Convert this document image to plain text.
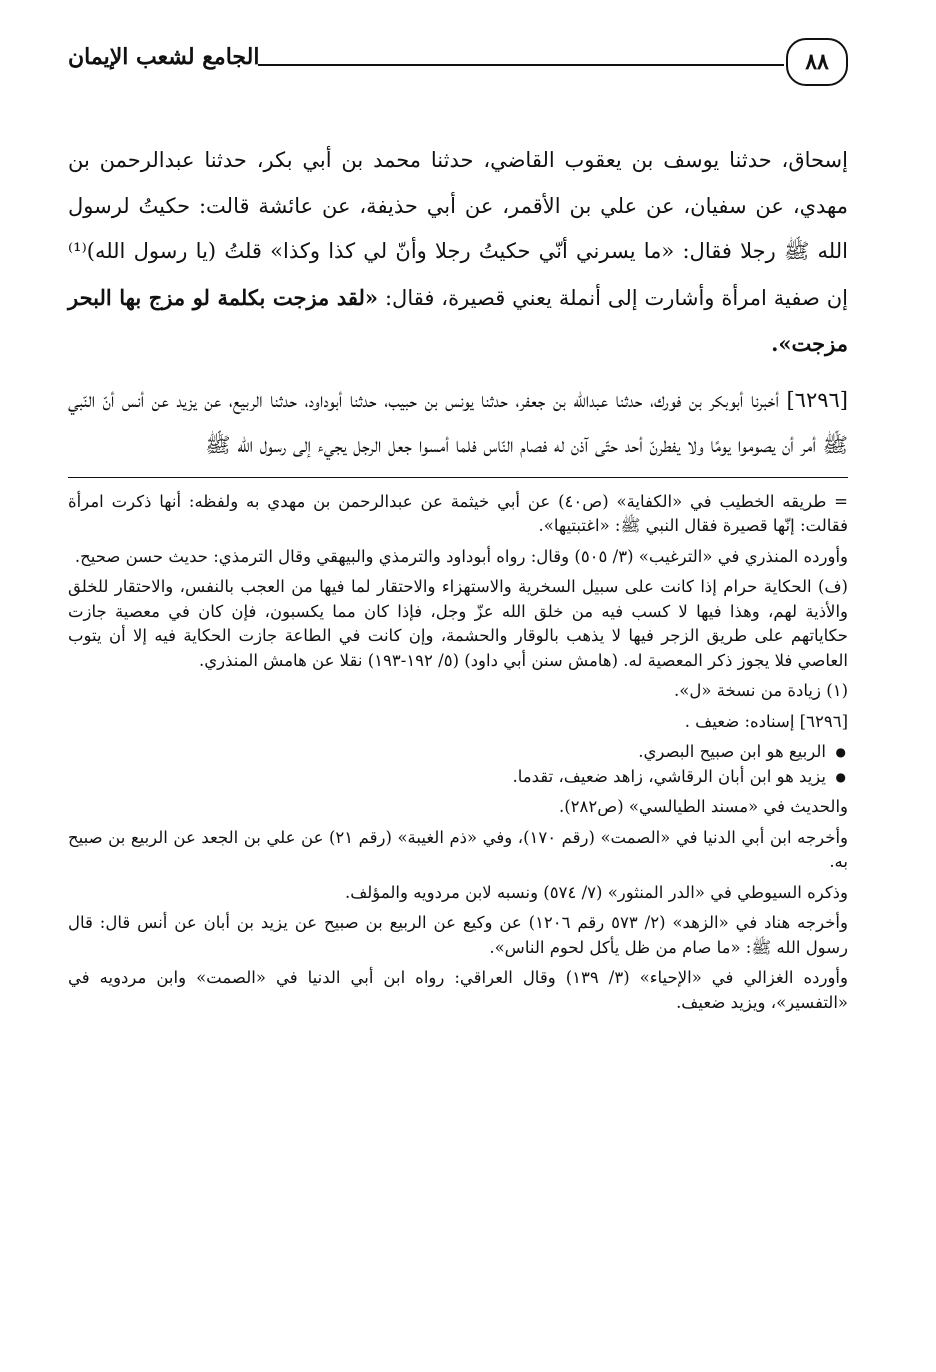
٨٨
الجامع لشعب الإيمان

إسحاق، حدثنا يوسف بن يعقوب القاضي، حدثنا محمد بن أبي بكر، حدثنا عبدالرحمن بن مهدي، عن سفيان، عن علي بن الأقمر، عن أبي حذيفة، عن عائشة قالت: حكيتُ لرسول الله ﷺ رجلا فقال: «ما يسرني أنّي حكيتُ رجلا وأنّ لي كذا وكذا» قلتُ (يا رسول الله)⁽¹⁾ إن صفية امرأة وأشارت إلى أنملة يعني قصيرة، فقال: «لقد مزجت بكلمة لو مزج بها البحر مزجت».

[٦٢٩٦] أخبرنا أبوبكر بن فورك، حدثنا عبدالله بن جعفر، حدثنا يونس بن حبيب، حدثنا أبوداود، حدثنا الربيع، عن يزيد عن أنس أنّ النّبي ﷺ أمر أن يصوموا يومًا ولا يفطرنّ أحد حتّى آذن له فصام النّاس فلما أمسوا جعل الرجل يجيء إلى رسول الله ﷺ

= طريقه الخطيب في «الكفاية» (ص٤٠) عن أبي خيثمة عن عبدالرحمن بن مهدي به ولفظه: أنها ذكرت امرأة فقالت: إنّها قصيرة فقال النبي ﷺ: «اغتبتيها».

وأورده المنذري في «الترغيب» (٣/ ٥٠٥) وقال: رواه أبوداود والترمذي والبيهقي وقال الترمذي: حديث حسن صحيح.

(ف) الحكاية حرام إذا كانت على سبيل السخرية والاستهزاء والاحتقار لما فيها من العجب بالنفس، والاحتقار للخلق والأذية لهم، وهذا فيها لا كسب فيه من خلق الله عزّ وجل، فإذا كان مما يكسبون، فإن كان في معصية جازت حكاياتهم على طريق الزجر فيها لا يذهب بالوقار والحشمة، وإن كانت في الطاعة جازت الحكاية فيه إلا أن يتوب العاصي فلا يجوز ذكر المعصية له. (هامش سنن أبي داود) (٥/ ١٩٢-١٩٣) نقلا عن هامش المنذري.

(١) زيادة من نسخة «ل».

[٦٢٩٦] إسناده: ضعيف .

● الربيع هو ابن صبيح البصري.
● يزيد هو ابن أبان الرقاشي، زاهد ضعيف، تقدما.

والحديث في «مسند الطيالسي» (ص٢٨٢).

وأخرجه ابن أبي الدنيا في «الصمت» (رقم ١٧٠)، وفي «ذم الغيبة» (رقم ٢١) عن علي بن الجعد عن الربيع بن صبيح به.

وذكره السيوطي في «الدر المنثور» (٧/ ٥٧٤) ونسبه لابن مردويه والمؤلف.

وأخرجه هناد في «الزهد» (٢/ ٥٧٣ رقم ١٢٠٦) عن وكيع عن الربيع بن صبيح عن يزيد بن أبان عن أنس قال: قال رسول الله ﷺ: «ما صام من ظل يأكل لحوم الناس».

وأورده الغزالي في «الإحياء» (٣/ ١٣٩) وقال العراقي: رواه ابن أبي الدنيا في «الصمت» وابن مردويه في «التفسير»، ويزيد ضعيف.
